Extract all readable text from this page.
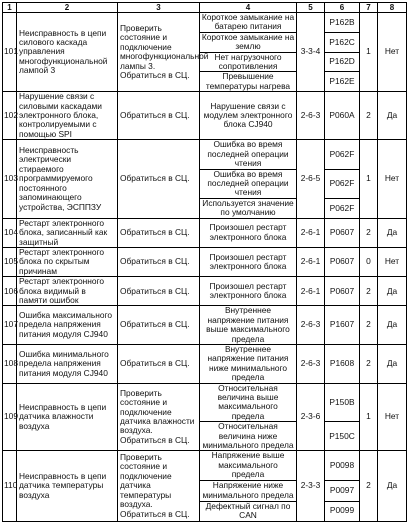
1	2	3	4	5	6	7	8
101	Неисправность в цепи силового каскада управления многофункциональной лампой 3	Проверить состояние и подключение многофункциональной лампы 3. Обратиться в СЦ.	Короткое замыкание на батарею питания	3-3-4	P162B	1	Нет
			Короткое замыкание на землю		P162C		
			Нет нагрузочного сопротивления		P162D		
			Превышение температуры нагрева		P162E		
102	Нарушение связи с силовыми каскадами электронного блока, контролируемыми с помощью SPI	Обратиться в СЦ.	Нарушение связи с модулем электронного блока CJ940	2-6-3	P060A	2	Да
103	Неисправность электрически стираемого программируемого постоянного запоминающего устройства, ЭСППЗУ	Обратиться в СЦ.	Ошибка во время последней операции чтения	2-6-5	P062F	1	Нет
			Ошибка во время последней операции чтения		P062F		
			Используется значение по умолчанию		P062F		
104	Рестарт электронного блока, записанный как защитный	Обратиться в СЦ.	Произошел рестарт электронного блока	2-6-1	P0607	2	Да
105	Рестарт электронного блока по скрытым причинам	Обратиться в СЦ.	Произошел рестарт электронного блока	2-6-1	P0607	0	Нет
106	Рестарт электронного блока видимый в памяти ошибок	Обратиться в СЦ.	Произошел рестарт электронного блока	2-6-1	P0607	2	Да
107	Ошибка максимального предела напряжения питания модуля CJ940	Обратиться в СЦ.	Внутреннее напряжение питания выше максимального предела	2-6-3	P1607	2	Да
108	Ошибка минимального предела напряжения питания модуля CJ940	Обратиться в СЦ.	Внутреннее напряжение питания ниже минимального предела	2-6-3	P1608	2	Да
109	Неисправность в цепи датчика влажности воздуха	Проверить состояние и подключение датчика влажности воздуха. Обратиться в СЦ.	Относительная величина выше максимального предела	2-3-6	P150B	1	Нет
			Относительная величина ниже минимального предела		P150C		
110	Неисправность в цепи датчика температуры воздуха	Проверить состояние и подключение датчика температуры воздуха. Обратиться в СЦ.	Напряжение выше максимального предела	2-3-3	P0098	2	Да
			Напряжение ниже минимального предела		P0097		
			Дефектный сигнал по CAN		P0099		
